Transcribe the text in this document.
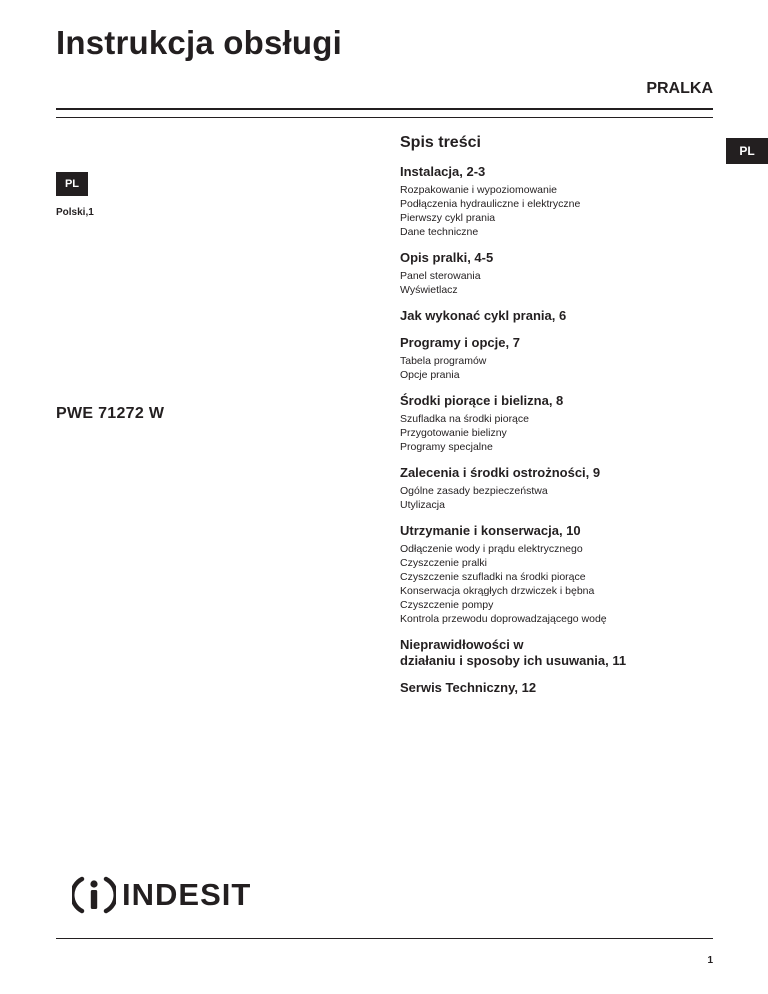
Instrukcja obsługi
PRALKA
PL
Polski,1
PL
PWE 71272 W
Spis treści
Instalacja, 2-3
Rozpakowanie i wypoziomowanie
Podłączenia hydrauliczne i elektryczne
Pierwszy cykl prania
Dane techniczne
Opis pralki, 4-5
Panel sterowania
Wyświetlacz
Jak wykonać cykl prania, 6
Programy i opcje, 7
Tabela programów
Opcje prania
Środki piorące i bielizna, 8
Szufladka na środki piorące
Przygotowanie bielizny
Programy specjalne
Zalecenia i środki ostrożności, 9
Ogólne zasady bezpieczeństwa
Utylizacja
Utrzymanie i konserwacja, 10
Odłączenie wody i prądu elektrycznego
Czyszczenie pralki
Czyszczenie szufladki na środki piorące
Konserwacja okrągłych drzwiczek i bębna
Czyszczenie pompy
Kontrola przewodu doprowadzającego wodę
Nieprawidłowości w
działaniu i sposoby ich usuwania, 11
Serwis Techniczny, 12
INDESIT
1
